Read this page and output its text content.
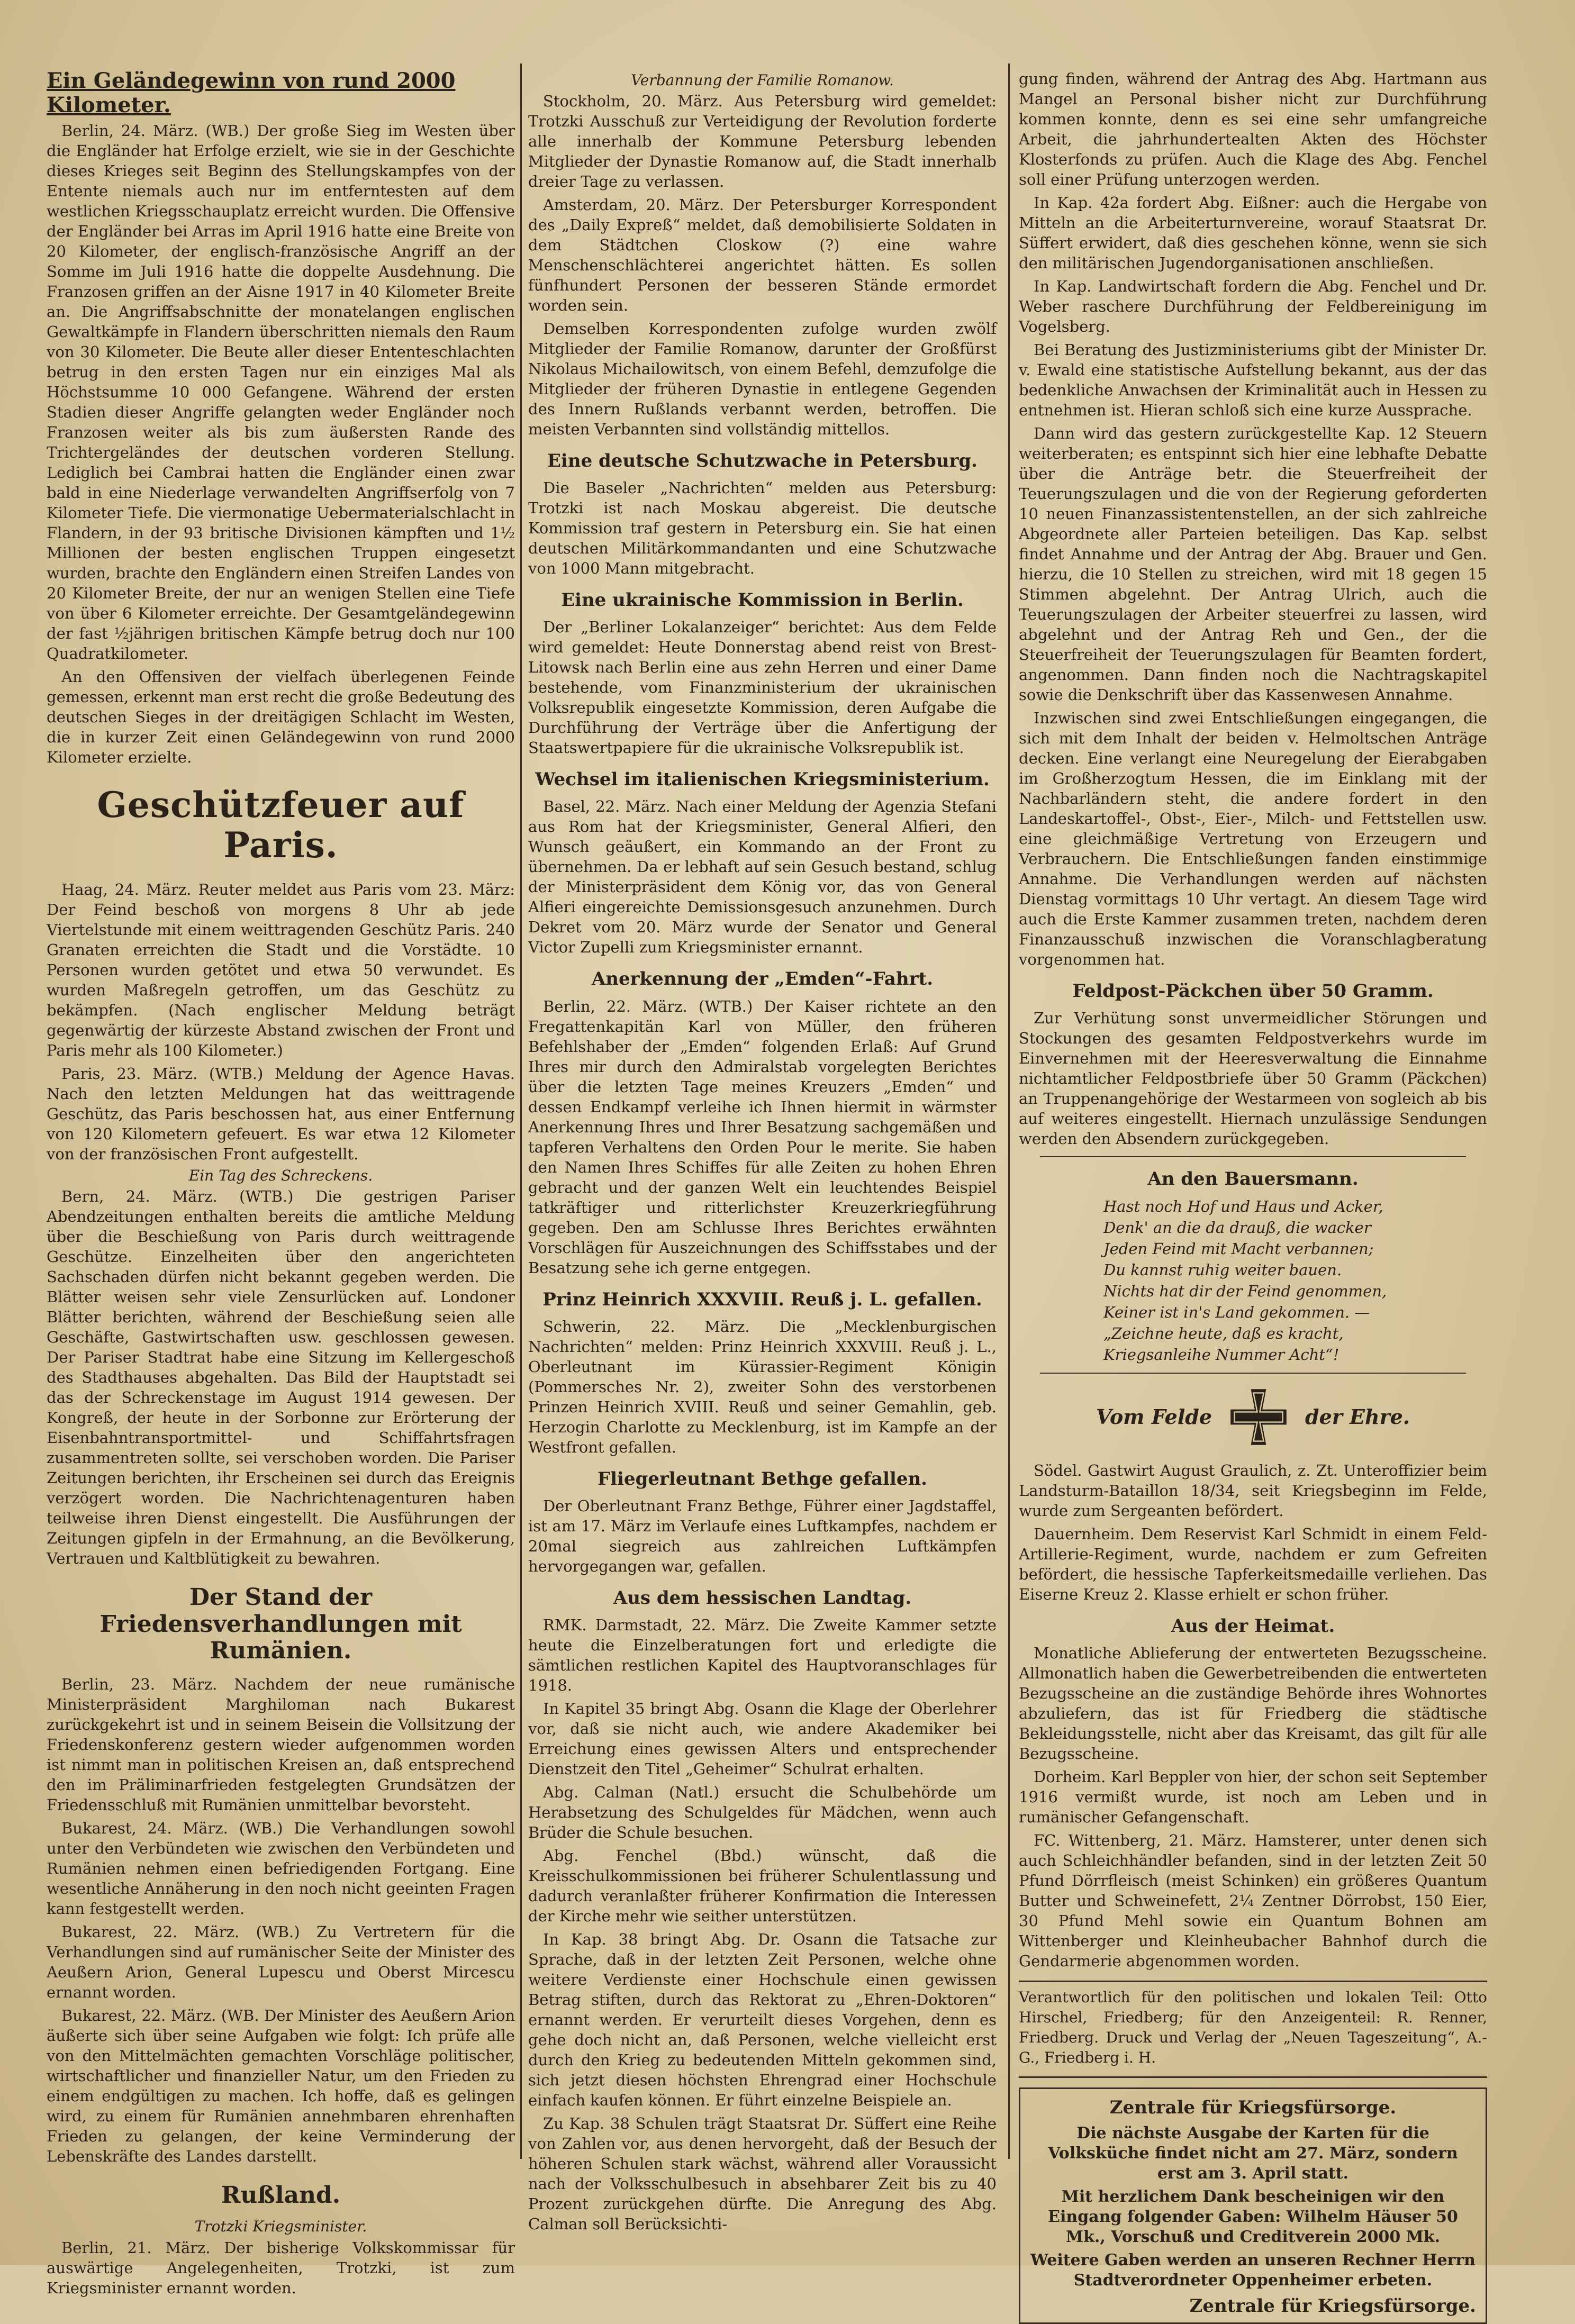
Ein Geländegewinn von rund 2000 Kilometer.

Berlin, 24. März. (WB.) Der große Sieg im Westen über die Engländer hat Erfolge erzielt, wie sie in der Geschichte dieses Krieges seit Beginn des Stellungskampfes von der Entente niemals auch nur im entferntesten auf dem westlichen Kriegsschauplatz erreicht wurden. Die Offensive der Engländer bei Arras im April 1916 hatte eine Breite von 20 Kilometer, der englisch-französische Angriff an der Somme im Juli 1916 hatte die doppelte Ausdehnung. Die Franzosen griffen an der Aisne 1917 in 40 Kilometer Breite an. Die Angriffsabschnitte der monatelangen englischen Gewaltkämpfe in Flandern überschritten niemals den Raum von 30 Kilometer. Die Beute aller dieser Ententeschlachten betrug in den ersten Tagen nur ein einziges Mal als Höchstsumme 10 000 Gefangene. Während der ersten Stadien dieser Angriffe gelangten weder Engländer noch Franzosen weiter als bis zum äußersten Rande des Trichtergeländes der deutschen vorderen Stellung. Lediglich bei Cambrai hatten die Engländer einen zwar bald in eine Niederlage verwandelten Angriffserfolg von 7 Kilometer Tiefe. Die viermonatige Uebermaterialschlacht in Flandern, in der 93 britische Divisionen kämpften und 1½ Millionen der besten englischen Truppen eingesetzt wurden, brachte den Engländern einen Streifen Landes von 20 Kilometer Breite, der nur an wenigen Stellen eine Tiefe von über 6 Kilometer erreichte. Der Gesamtgeländegewinn der fast ½jährigen britischen Kämpfe betrug doch nur 100 Quadratkilometer.

An den Offensiven der vielfach überlegenen Feinde gemessen, erkennt man erst recht die große Bedeutung des deutschen Sieges in der dreitägigen Schlacht im Westen, die in kurzer Zeit einen Geländegewinn von rund 2000 Kilometer erzielte.

Geschützfeuer auf Paris.

Haag, 24. März. Reuter meldet aus Paris vom 23. März: Der Feind beschoß von morgens 8 Uhr ab jede Viertelstunde mit einem weittragenden Geschütz Paris. 240 Granaten erreichten die Stadt und die Vorstädte. 10 Personen wurden getötet und etwa 50 verwundet. Es wurden Maßregeln getroffen, um das Geschütz zu bekämpfen. (Nach englischer Meldung beträgt gegenwärtig der kürzeste Abstand zwischen der Front und Paris mehr als 100 Kilometer.)

Paris, 23. März. (WTB.) Meldung der Agence Havas. Nach den letzten Meldungen hat das weittragende Geschütz, das Paris beschossen hat, aus einer Entfernung von 120 Kilometern gefeuert. Es war etwa 12 Kilometer von der französischen Front aufgestellt.

Ein Tag des Schreckens.

Bern, 24. März. (WTB.) Die gestrigen Pariser Abendzeitungen enthalten bereits die amtliche Meldung über die Beschießung von Paris durch weittragende Geschütze. Einzelheiten über den angerichteten Sachschaden dürfen nicht bekannt gegeben werden. Die Blätter weisen sehr viele Zensurlücken auf. Londoner Blätter berichten, während der Beschießung seien alle Geschäfte, Gastwirtschaften usw. geschlossen gewesen. Der Pariser Stadtrat habe eine Sitzung im Kellergeschoß des Stadthauses abgehalten. Das Bild der Hauptstadt sei das der Schreckenstage im August 1914 gewesen. Der Kongreß, der heute in der Sorbonne zur Erörterung der Eisenbahntransportmittel- und Schiffahrtsfragen zusammentreten sollte, sei verschoben worden. Die Pariser Zeitungen berichten, ihr Erscheinen sei durch das Ereignis verzögert worden. Die Nachrichtenagenturen haben teilweise ihren Dienst eingestellt. Die Ausführungen der Zeitungen gipfeln in der Ermahnung, an die Bevölkerung, Vertrauen und Kaltblütigkeit zu bewahren.

Der Stand der Friedensverhandlungen mit Rumänien.

Berlin, 23. März. Nachdem der neue rumänische Ministerpräsident Marghiloman nach Bukarest zurückgekehrt ist und in seinem Beisein die Vollsitzung der Friedenskonferenz gestern wieder aufgenommen worden ist nimmt man in politischen Kreisen an, daß entsprechend den im Präliminarfrieden festgelegten Grundsätzen der Friedensschluß mit Rumänien unmittelbar bevorsteht.

Bukarest, 24. März. (WB.) Die Verhandlungen sowohl unter den Verbündeten wie zwischen den Verbündeten und Rumänien nehmen einen befriedigenden Fortgang. Eine wesentliche Annäherung in den noch nicht geeinten Fragen kann festgestellt werden.

Bukarest, 22. März. (WB.) Zu Vertretern für die Verhandlungen sind auf rumänischer Seite der Minister des Aeußern Arion, General Lupescu und Oberst Mircescu ernannt worden.

Bukarest, 22. März. (WB. Der Minister des Aeußern Arion äußerte sich über seine Aufgaben wie folgt: Ich prüfe alle von den Mittelmächten gemachten Vorschläge politischer, wirtschaftlicher und finanzieller Natur, um den Frieden zu einem endgültigen zu machen. Ich hoffe, daß es gelingen wird, zu einem für Rumänien annehmbaren ehrenhaften Frieden zu gelangen, der keine Verminderung der Lebenskräfte des Landes darstellt.

Rußland.
Trotzki Kriegsminister.

Berlin, 21. März. Der bisherige Volkskommissar für auswärtige Angelegenheiten, Trotzki, ist zum Kriegsminister ernannt worden.

Verbannung der Familie Romanow.

Stockholm, 20. März. Aus Petersburg wird gemeldet: Trotzki Ausschuß zur Verteidigung der Revolution forderte alle innerhalb der Kommune Petersburg lebenden Mitglieder der Dynastie Romanow auf, die Stadt innerhalb dreier Tage zu verlassen.

Amsterdam, 20. März. Der Petersburger Korrespondent des „Daily Expreß“ meldet, daß demobilisierte Soldaten in dem Städtchen Closkow (?) eine wahre Menschenschlächterei angerichtet hätten. Es sollen fünfhundert Personen der besseren Stände ermordet worden sein.

Demselben Korrespondenten zufolge wurden zwölf Mitglieder der Familie Romanow, darunter der Großfürst Nikolaus Michailowitsch, von einem Befehl, demzufolge die Mitglieder der früheren Dynastie in entlegene Gegenden des Innern Rußlands verbannt werden, betroffen. Die meisten Verbannten sind vollständig mittellos.

Eine deutsche Schutzwache in Petersburg.

Die Baseler „Nachrichten“ melden aus Petersburg: Trotzki ist nach Moskau abgereist. Die deutsche Kommission traf gestern in Petersburg ein. Sie hat einen deutschen Militärkommandanten und eine Schutzwache von 1000 Mann mitgebracht.

Eine ukrainische Kommission in Berlin.

Der „Berliner Lokalanzeiger“ berichtet: Aus dem Felde wird gemeldet: Heute Donnerstag abend reist von Brest-Litowsk nach Berlin eine aus zehn Herren und einer Dame bestehende, vom Finanzministerium der ukrainischen Volksrepublik eingesetzte Kommission, deren Aufgabe die Durchführung der Verträge über die Anfertigung der Staatswertpapiere für die ukrainische Volksrepublik ist.

Wechsel im italienischen Kriegsministerium.

Basel, 22. März. Nach einer Meldung der Agenzia Stefani aus Rom hat der Kriegsminister, General Alfieri, den Wunsch geäußert, ein Kommando an der Front zu übernehmen. Da er lebhaft auf sein Gesuch bestand, schlug der Ministerpräsident dem König vor, das von General Alfieri eingereichte Demissionsgesuch anzunehmen. Durch Dekret vom 20. März wurde der Senator und General Victor Zupelli zum Kriegsminister ernannt.

Anerkennung der „Emden“-Fahrt.

Berlin, 22. März. (WTB.) Der Kaiser richtete an den Fregattenkapitän Karl von Müller, den früheren Befehlshaber der „Emden“ folgenden Erlaß: Auf Grund Ihres mir durch den Admiralstab vorgelegten Berichtes über die letzten Tage meines Kreuzers „Emden“ und dessen Endkampf verleihe ich Ihnen hiermit in wärmster Anerkennung Ihres und Ihrer Besatzung sachgemäßen und tapferen Verhaltens den Orden Pour le merite. Sie haben den Namen Ihres Schiffes für alle Zeiten zu hohen Ehren gebracht und der ganzen Welt ein leuchtendes Beispiel tatkräftiger und ritterlichster Kreuzerkriegführung gegeben. Den am Schlusse Ihres Berichtes erwähnten Vorschlägen für Auszeichnungen des Schiffsstabes und der Besatzung sehe ich gerne entgegen.

Prinz Heinrich XXXVIII. Reuß j. L. gefallen.

Schwerin, 22. März. Die „Mecklenburgischen Nachrichten“ melden: Prinz Heinrich XXXVIII. Reuß j. L., Oberleutnant im Kürassier-Regiment Königin (Pommersches Nr. 2), zweiter Sohn des verstorbenen Prinzen Heinrich XVIII. Reuß und seiner Gemahlin, geb. Herzogin Charlotte zu Mecklenburg, ist im Kampfe an der Westfront gefallen.

Fliegerleutnant Bethge gefallen.

Der Oberleutnant Franz Bethge, Führer einer Jagdstaffel, ist am 17. März im Verlaufe eines Luftkampfes, nachdem er 20mal siegreich aus zahlreichen Luftkämpfen hervorgegangen war, gefallen.

Aus dem hessischen Landtag.

RMK. Darmstadt, 22. März. Die Zweite Kammer setzte heute die Einzelberatungen fort und erledigte die sämtlichen restlichen Kapitel des Hauptvoranschlages für 1918.

In Kapitel 35 bringt Abg. Osann die Klage der Oberlehrer vor, daß sie nicht auch, wie andere Akademiker bei Erreichung eines gewissen Alters und entsprechender Dienstzeit den Titel „Geheimer“ Schulrat erhalten.

Abg. Calman (Natl.) ersucht die Schulbehörde um Herabsetzung des Schulgeldes für Mädchen, wenn auch Brüder die Schule besuchen.

Abg. Fenchel (Bbd.) wünscht, daß die Kreisschulkommissionen bei früherer Schulentlassung und dadurch veranlaßter früherer Konfirmation die Interessen der Kirche mehr wie seither unterstützen.

In Kap. 38 bringt Abg. Dr. Osann die Tatsache zur Sprache, daß in der letzten Zeit Personen, welche ohne weitere Verdienste einer Hochschule einen gewissen Betrag stiften, durch das Rektorat zu „Ehren-Doktoren“ ernannt werden. Er verurteilt dieses Vorgehen, denn es gehe doch nicht an, daß Personen, welche vielleicht erst durch den Krieg zu bedeutenden Mitteln gekommen sind, sich jetzt diesen höchsten Ehrengrad einer Hochschule einfach kaufen können. Er führt einzelne Beispiele an.

Zu Kap. 38 Schulen trägt Staatsrat Dr. Süffert eine Reihe von Zahlen vor, aus denen hervorgeht, daß der Besuch der höheren Schulen stark wächst, während aller Voraussicht nach der Volksschulbesuch in absehbarer Zeit bis zu 40 Prozent zurückgehen dürfte. Die Anregung des Abg. Calman soll Berücksichti-

gung finden, während der Antrag des Abg. Hartmann aus Mangel an Personal bisher nicht zur Durchführung kommen konnte, denn es sei eine sehr umfangreiche Arbeit, die jahrhundertealten Akten des Höchster Klosterfonds zu prüfen. Auch die Klage des Abg. Fenchel soll einer Prüfung unterzogen werden.

In Kap. 42a fordert Abg. Eißner: auch die Hergabe von Mitteln an die Arbeiterturnvereine, worauf Staatsrat Dr. Süffert erwidert, daß dies geschehen könne, wenn sie sich den militärischen Jugendorganisationen anschließen.

In Kap. Landwirtschaft fordern die Abg. Fenchel und Dr. Weber raschere Durchführung der Feldbereinigung im Vogelsberg.

Bei Beratung des Justizministeriums gibt der Minister Dr. v. Ewald eine statistische Aufstellung bekannt, aus der das bedenkliche Anwachsen der Kriminalität auch in Hessen zu entnehmen ist. Hieran schloß sich eine kurze Aussprache.

Dann wird das gestern zurückgestellte Kap. 12 Steuern weiterberaten; es entspinnt sich hier eine lebhafte Debatte über die Anträge betr. die Steuerfreiheit der Teuerungszulagen und die von der Regierung geforderten 10 neuen Finanzassistentenstellen, an der sich zahlreiche Abgeordnete aller Parteien beteiligen. Das Kap. selbst findet Annahme und der Antrag der Abg. Brauer und Gen. hierzu, die 10 Stellen zu streichen, wird mit 18 gegen 15 Stimmen abgelehnt. Der Antrag Ulrich, auch die Teuerungszulagen der Arbeiter steuerfrei zu lassen, wird abgelehnt und der Antrag Reh und Gen., der die Steuerfreiheit der Teuerungszulagen für Beamten fordert, angenommen. Dann finden noch die Nachtragskapitel sowie die Denkschrift über das Kassenwesen Annahme.

Inzwischen sind zwei Entschließungen eingegangen, die sich mit dem Inhalt der beiden v. Helmoltschen Anträge decken. Eine verlangt eine Neuregelung der Eierabgaben im Großherzogtum Hessen, die im Einklang mit der Nachbarländern steht, die andere fordert in den Landeskartoffel-, Obst-, Eier-, Milch- und Fettstellen usw. eine gleichmäßige Vertretung von Erzeugern und Verbrauchern. Die Entschließungen fanden einstimmige Annahme. Die Verhandlungen werden auf nächsten Dienstag vormittags 10 Uhr vertagt. An diesem Tage wird auch die Erste Kammer zusammen treten, nachdem deren Finanzausschuß inzwischen die Voranschlagberatung vorgenommen hat.

Feldpost-Päckchen über 50 Gramm.

Zur Verhütung sonst unvermeidlicher Störungen und Stockungen des gesamten Feldpostverkehrs wurde im Einvernehmen mit der Heeresverwaltung die Einnahme nichtamtlicher Feldpostbriefe über 50 Gramm (Päckchen) an Truppenangehörige der Westarmeen von sogleich ab bis auf weiteres eingestellt. Hiernach unzulässige Sendungen werden den Absendern zurückgegeben.

An den Bauersmann.
Hast noch Hof und Haus und Acker,
Denk' an die da drauß, die wacker
Jeden Feind mit Macht verbannen;
Du kannst ruhig weiter bauen.
Nichts hat dir der Feind genommen,
Keiner ist in's Land gekommen. —
„Zeichne heute, daß es kracht,
Kriegsanleihe Nummer Acht“!
Vom Felde	der Ehre.

Södel. Gastwirt August Graulich, z. Zt. Unteroffizier beim Landsturm-Bataillon 18/34, seit Kriegsbeginn im Felde, wurde zum Sergeanten befördert.

Dauernheim. Dem Reservist Karl Schmidt in einem Feld-Artillerie-Regiment, wurde, nachdem er zum Gefreiten befördert, die hessische Tapferkeitsmedaille verliehen. Das Eiserne Kreuz 2. Klasse erhielt er schon früher.

Aus der Heimat.

Monatliche Ablieferung der entwerteten Bezugsscheine. Allmonatlich haben die Gewerbetreibenden die entwerteten Bezugsscheine an die zuständige Behörde ihres Wohnortes abzuliefern, das ist für Friedberg die städtische Bekleidungsstelle, nicht aber das Kreisamt, das gilt für alle Bezugsscheine.

Dorheim. Karl Beppler von hier, der schon seit September 1916 vermißt wurde, ist noch am Leben und in rumänischer Gefangenschaft.

FC. Wittenberg, 21. März. Hamsterer, unter denen sich auch Schleichhändler befanden, sind in der letzten Zeit 50 Pfund Dörrfleisch (meist Schinken) ein größeres Quantum Butter und Schweinefett, 2¼ Zentner Dörrobst, 150 Eier, 30 Pfund Mehl sowie ein Quantum Bohnen am Wittenberger und Kleinheubacher Bahnhof durch die Gendarmerie abgenommen worden.

Verantwortlich für den politischen und lokalen Teil: Otto Hirschel, Friedberg; für den Anzeigenteil: R. Renner, Friedberg. Druck und Verlag der „Neuen Tageszeitung“, A.-G., Friedberg i. H.

Zentrale für Kriegsfürsorge.

Die nächste Ausgabe der Karten für die Volksküche findet nicht am 27. März, sondern erst am 3. April statt.

Mit herzlichem Dank bescheinigen wir den Eingang folgender Gaben: Wilhelm Häuser 50 Mk., Vorschuß und Creditverein 2000 Mk.

Weitere Gaben werden an unseren Rechner Herrn Stadtverordneter Oppenheimer erbeten.

Zentrale für Kriegsfürsorge.
